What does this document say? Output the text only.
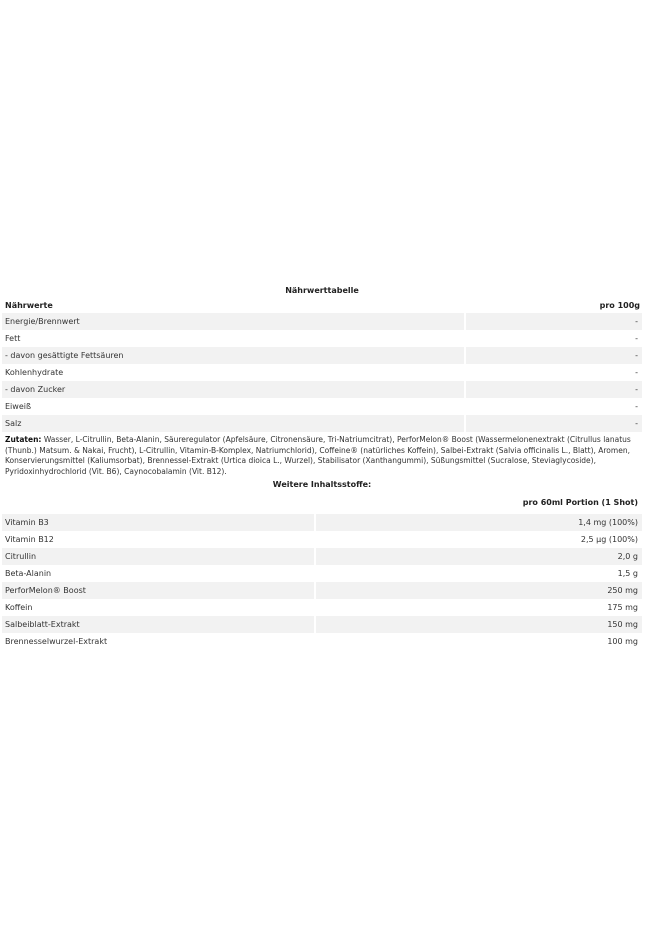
Nährwerttabelle
Nährwerte	pro 100g
Energie/Brennwert	-
Fett	-
- davon gesättigte Fettsäuren	-
Kohlenhydrate	-
- davon Zucker	-
Eiweiß	-
Salz	-
Zutaten: Wasser, L-Citrullin, Beta-Alanin, Säureregulator (Apfelsäure, Citronensäure, Tri-Natriumcitrat), PerforMelon® Boost (Wassermelonenextrakt (Citrullus lanatus (Thunb.) Matsum. & Nakai, Frucht), L-Citrullin, Vitamin-B-Komplex, Natriumchlorid), Coffeine® (natürliches Koffein), Salbei-Extrakt (Salvia officinalis L., Blatt), Aromen, Konservierungsmittel (Kaliumsorbat), Brennessel-Extrakt (Urtica dioica L., Wurzel), Stabilisator (Xanthangummi), Süßungsmittel (Sucralose, Steviaglycoside), Pyridoxinhydrochlorid (Vit. B6), Caynocobalamin (Vit. B12).
Weitere Inhaltsstoffe:
pro 60ml Portion (1 Shot)
Vitamin B3	1,4 mg (100%)
Vitamin B12	2,5 µg (100%)
Citrullin	2,0 g
Beta-Alanin	1,5 g
PerforMelon® Boost	250 mg
Koffein	175 mg
Salbeiblatt-Extrakt	150 mg
Brennesselwurzel-Extrakt	100 mg
